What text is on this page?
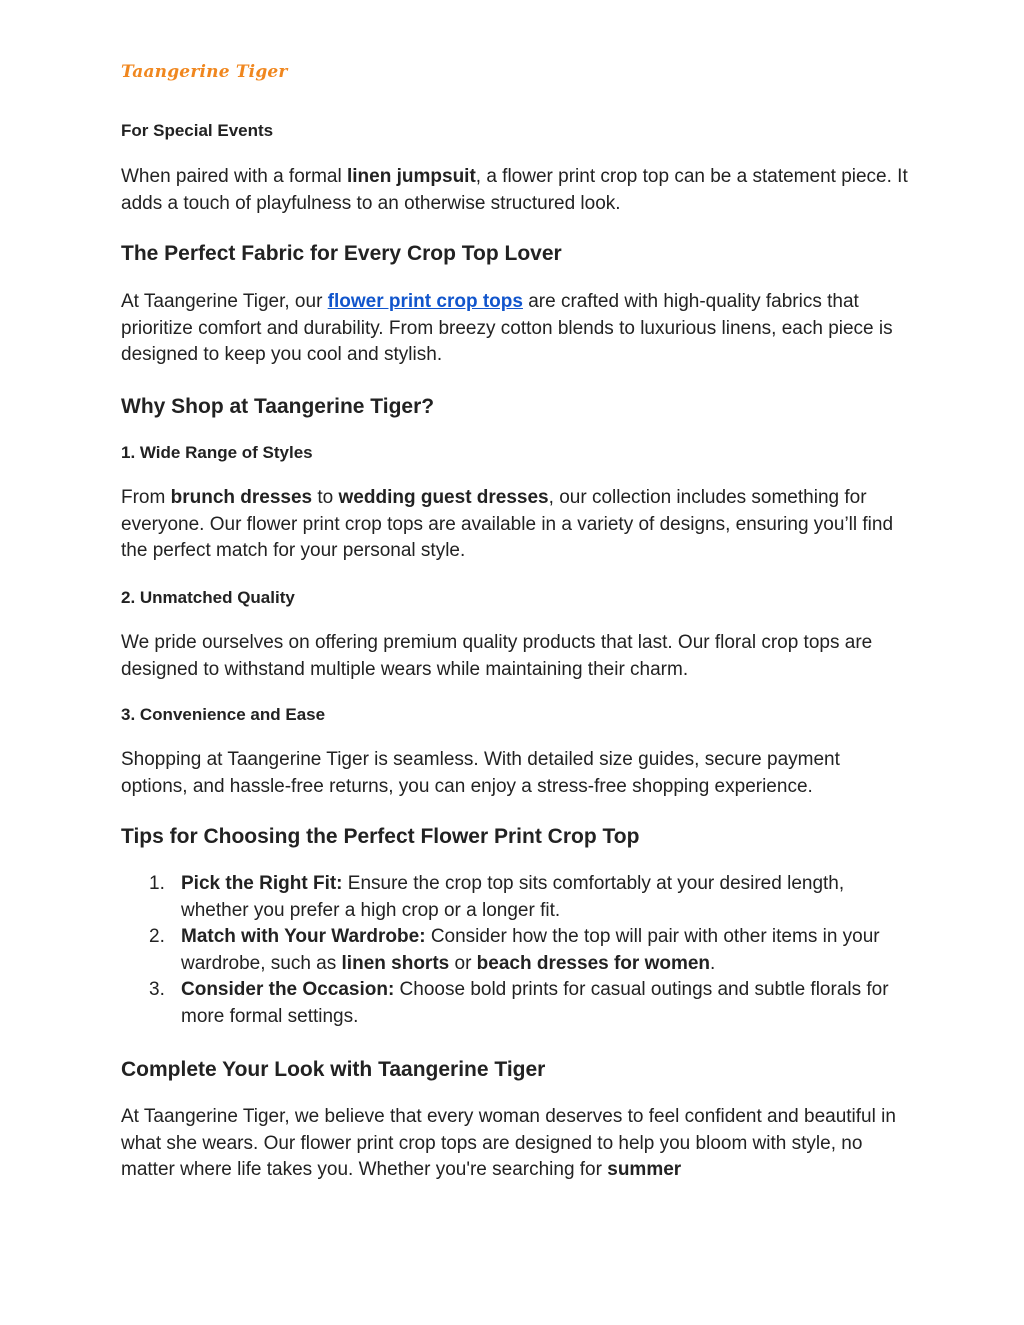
Taangerine Tiger
For Special Events

When paired with a formal linen jumpsuit, a flower print crop top can be a statement piece. It adds a touch of playfulness to an otherwise structured look.

The Perfect Fabric for Every Crop Top Lover

At Taangerine Tiger, our flower print crop tops are crafted with high-quality fabrics that prioritize comfort and durability. From breezy cotton blends to luxurious linens, each piece is designed to keep you cool and stylish.

Why Shop at Taangerine Tiger?
1. Wide Range of Styles

From brunch dresses to wedding guest dresses, our collection includes something for everyone. Our flower print crop tops are available in a variety of designs, ensuring you’ll find the perfect match for your personal style.

2. Unmatched Quality

We pride ourselves on offering premium quality products that last. Our floral crop tops are designed to withstand multiple wears while maintaining their charm.

3. Convenience and Ease

Shopping at Taangerine Tiger is seamless. With detailed size guides, secure payment options, and hassle-free returns, you can enjoy a stress-free shopping experience.

Tips for Choosing the Perfect Flower Print Crop Top
1. Pick the Right Fit: Ensure the crop top sits comfortably at your desired length, whether you prefer a high crop or a longer fit.
2. Match with Your Wardrobe: Consider how the top will pair with other items in your wardrobe, such as linen shorts or beach dresses for women.
3. Consider the Occasion: Choose bold prints for casual outings and subtle florals for more formal settings.
Complete Your Look with Taangerine Tiger

At Taangerine Tiger, we believe that every woman deserves to feel confident and beautiful in what she wears. Our flower print crop tops are designed to help you bloom with style, no matter where life takes you. Whether you're searching for summer
